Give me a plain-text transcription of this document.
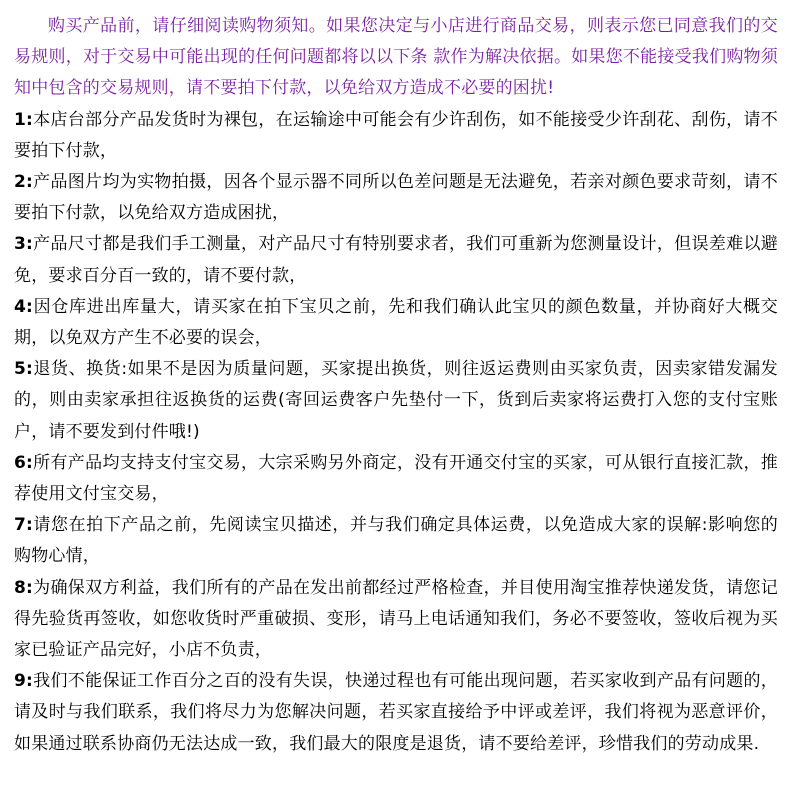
购买产品前，请仔细阅读购物须知。如果您决定与小店进行商品交易，则表示您已同意我们的交易规则，对于交易中可能出现的任何问题都将以以下条 款作为解决依据。如果您不能接受我们购物须知中包含的交易规则，请不要拍下付款，以免给双方造成不必要的困扰!

1:本店台部分产品发货时为裸包，在运输途中可能会有少许刮伤，如不能接受少许刮花、刮伤，请不要拍下付款，

2:产品图片均为实物拍摄，因各个显示器不同所以色差问题是无法避免，若亲对颜色要求苛刻，请不要拍下付款，以免给双方造成困扰，

3:产品尺寸都是我们手工测量，对产品尺寸有特别要求者，我们可重新为您测量设计，但误差难以避免，要求百分百一致的，请不要付款，

4:因仓库进出库量大，请买家在拍下宝贝之前，先和我们确认此宝贝的颜色数量，并协商好大概交期，以免双方产生不必要的误会，

5:退货、换货:如果不是因为质量问题，买家提出换货，则往返运费则由买家负责，因卖家错发漏发的，则由卖家承担往返换货的运费(寄回运费客户先垫付一下，货到后卖家将运费打入您的支付宝账户，请不要发到付件哦!)

6:所有产品均支持支付宝交易，大宗采购另外商定，没有开通交付宝的买家，可从银行直接汇款，推荐使用文付宝交易，

7:请您在拍下产品之前，先阅读宝贝描述，并与我们确定具体运费，以免造成大家的误解:影响您的购物心情，

8:为确保双方利益，我们所有的产品在发出前都经过严格检查，并目使用淘宝推荐快递发货，请您记得先验货再签收，如您收货时严重破损、变形，请马上电话通知我们，务必不要签收，签收后视为买家已验证产品完好，小店不负责，

9:我们不能保证工作百分之百的没有失误，快递过程也有可能出现问题，若买家收到产品有问题的，请及时与我们联系，我们将尽力为您解决问题，若买家直接给予中评或差评，我们将视为恶意评价，如果通过联系协商仍无法达成一致，我们最大的限度是退货，请不要给差评，珍惜我们的劳动成果.
